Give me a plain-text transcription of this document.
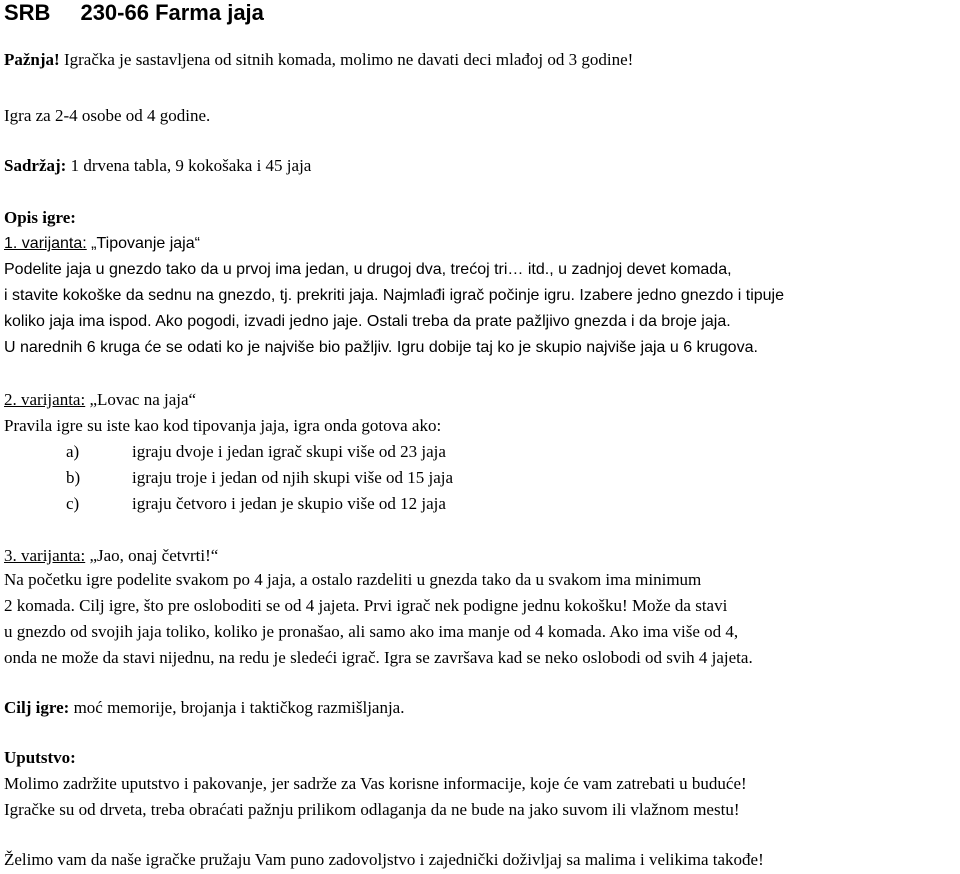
SRB 230-66 Farma jaja
Pažnja! Igračka je sastavljena od sitnih komada, molimo ne davati deci mlađoj od 3 godine!
Igra za 2-4 osobe od 4 godine.
Sadržaj: 1 drvena tabla, 9 kokošaka i 45 jaja
Opis igre:
1. varijanta: „Tipovanje jaja“
Podelite jaja u gnezdo tako da u prvoj ima jedan, u drugoj dva, trećoj tri… itd., u zadnjoj devet komada,
i stavite kokoške da sednu na gnezdo, tj. prekriti jaja. Najmlađi igrač počinje igru. Izabere jedno gnezdo i tipuje
koliko jaja ima ispod. Ako pogodi, izvadi jedno jaje. Ostali treba da prate pažljivo gnezda i da broje jaja.
U narednih 6 kruga će se odati ko je najviše bio pažljiv. Igru dobije taj ko je skupio najviše jaja u 6 krugova.
2. varijanta: „Lovac na jaja“
Pravila igre su iste kao kod tipovanja jaja, igra onda gotova ako:
a)	igraju dvoje i jedan igrač skupi više od 23 jaja
b)	igraju troje i jedan od njih skupi više od 15 jaja
c)	igraju četvoro i jedan je skupio više od 12 jaja
3. varijanta: „Jao, onaj četvrti!“
Na početku igre podelite svakom po 4 jaja, a ostalo razdeliti u gnezda tako da u svakom ima minimum
2 komada. Cilj igre, što pre osloboditi se od 4 jajeta. Prvi igrač nek podigne jednu kokošku! Može da stavi
u gnezdo od svojih jaja toliko, koliko je pronašao, ali samo ako ima manje od 4 komada. Ako ima više od 4,
onda ne može da stavi nijednu, na redu je sledeći igrač. Igra se završava kad se neko oslobodi od svih 4 jajeta.
Cilj igre: moć memorije, brojanja i taktičkog razmišljanja.
Uputstvo:
Molimo zadržite uputstvo i pakovanje, jer sadrže za Vas korisne informacije, koje će vam zatrebati u buduće!
Igračke su od drveta, treba obraćati pažnju prilikom odlaganja da ne bude na jako suvom ili vlažnom mestu!
Želimo vam da naše igračke pružaju Vam puno zadovoljstvo i zajednički doživljaj sa malima i velikima takođe!
